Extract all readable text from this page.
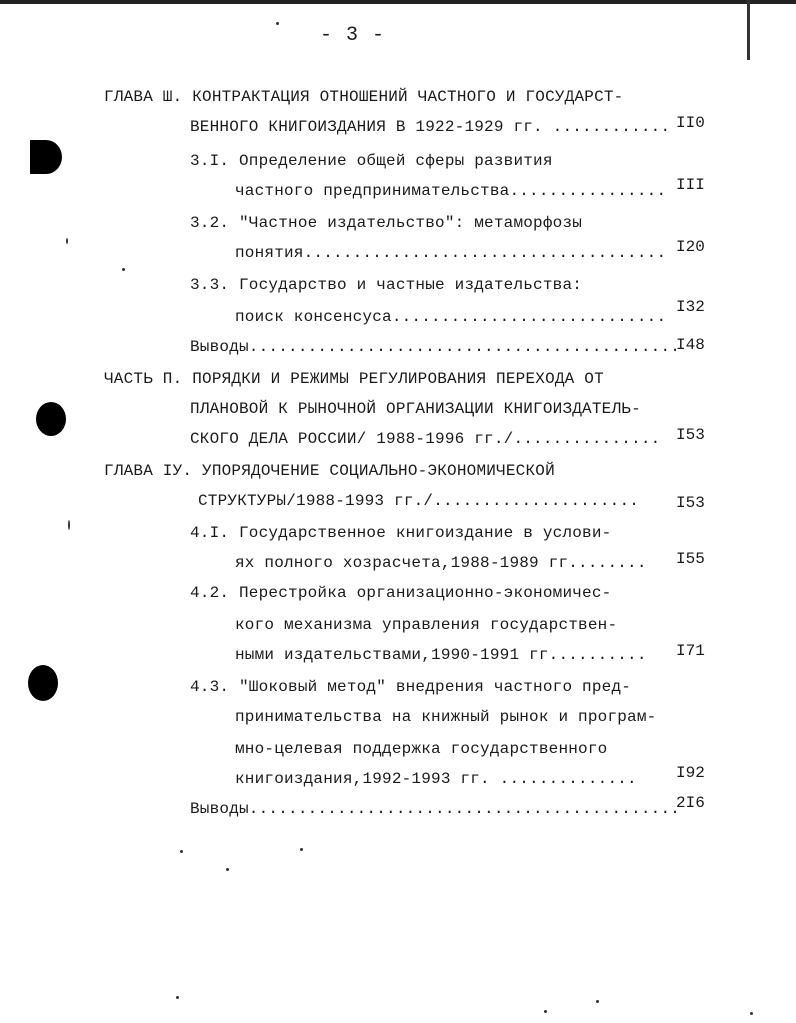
- 3 -
ГЛАВА Ш. КОНТРАКТАЦИЯ ОТНОШЕНИЙ ЧАСТНОГО И ГОСУДАРСТ-
ВЕННОГО КНИГОИЗДАНИЯ В 1922-1929 гг. ............ II0
3.I. Определение общей сферы развития
частного предпринимательства................ III
3.2. "Частное издательство": метаморфозы
понятия..................................... I20
3.3. Государство и частные издательства:
поиск консенсуса............................
I32
Выводы............................................
I48
ЧАСТЬ П. ПОРЯДКИ И РЕЖИМЫ РЕГУЛИРОВАНИЯ ПЕРЕХОДА ОТ
ПЛАНОВОЙ К РЫНОЧНОЙ ОРГАНИЗАЦИИ КНИГОИЗДАТЕЛЬ-
СКОГО ДЕЛА РОССИИ/ 1988-1996 гг./............... I53
ГЛАВА IУ. УПОРЯДОЧЕНИЕ СОЦИАЛЬНО-ЭКОНОМИЧЕСКОЙ
СТРУКТУРЫ/1988-1993 гг./..................... I53
4.I. Государственное книгоиздание в услови-
ях полного хозрасчета,1988-1989 гг........ I55
4.2. Перестройка организационно-экономичес-
кого механизма управления государствен-
ными издательствами,1990-1991 гг.......... I71
4.3. "Шоковый метод" внедрения частного пред-
принимательства на книжный рынок и програм-
мно-целевая поддержка государственного
книгоиздания,1992-1993 гг. .............. I92
Выводы............................................
2I6
